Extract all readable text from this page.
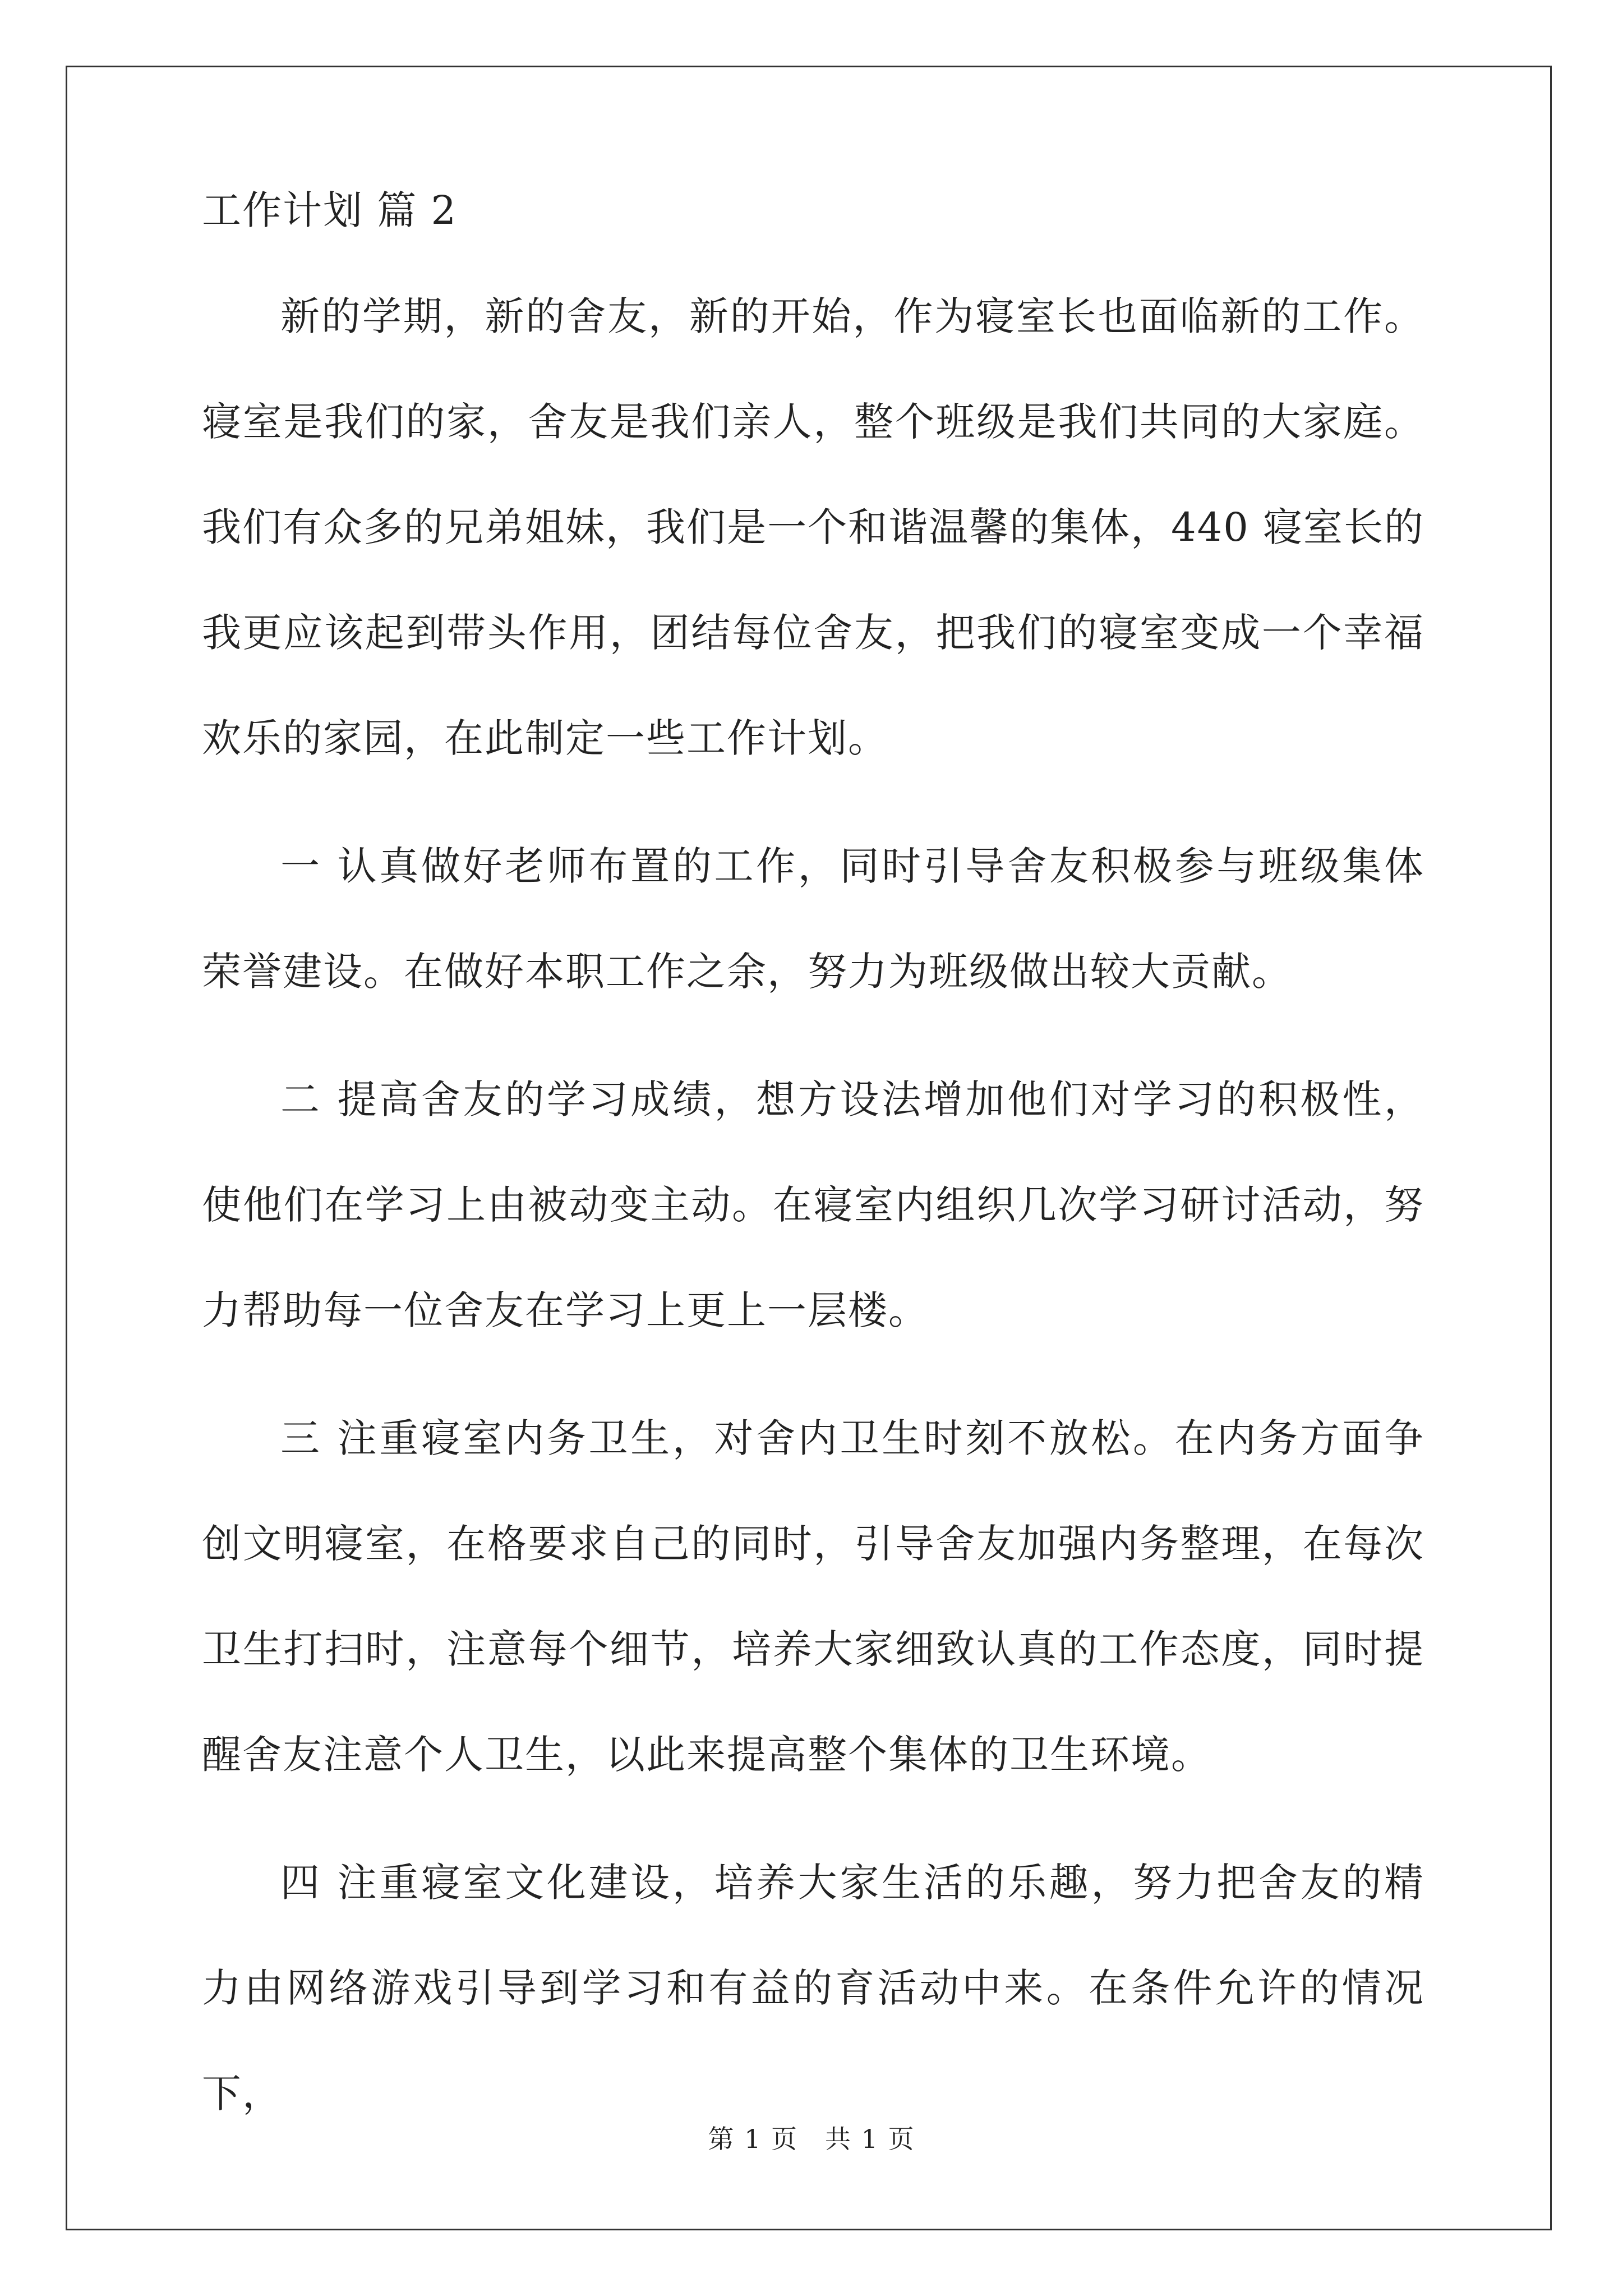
工作计划 篇 2

新的学期，新的舍友，新的开始，作为寝室长也面临新的工作。寝室是我们的家，舍友是我们亲人，整个班级是我们共同的大家庭。我们有众多的兄弟姐妹，我们是一个和谐温馨的集体，440 寝室长的我更应该起到带头作用，团结每位舍友，把我们的寝室变成一个幸福欢乐的家园，在此制定一些工作计划。

一 认真做好老师布置的工作，同时引导舍友积极参与班级集体荣誉建设。在做好本职工作之余，努力为班级做出较大贡献。

二 提高舍友的学习成绩，想方设法增加他们对学习的积极性，使他们在学习上由被动变主动。在寝室内组织几次学习研讨活动，努力帮助每一位舍友在学习上更上一层楼。

三 注重寝室内务卫生，对舍内卫生时刻不放松。在内务方面争创文明寝室，在格要求自己的同时，引导舍友加强内务整理，在每次卫生打扫时，注意每个细节，培养大家细致认真的工作态度，同时提醒舍友注意个人卫生，以此来提高整个集体的卫生环境。

四 注重寝室文化建设，培养大家生活的乐趣，努力把舍友的精力由网络游戏引导到学习和有益的育活动中来。在条件允许的情况下，

第 1 页　共 1 页
